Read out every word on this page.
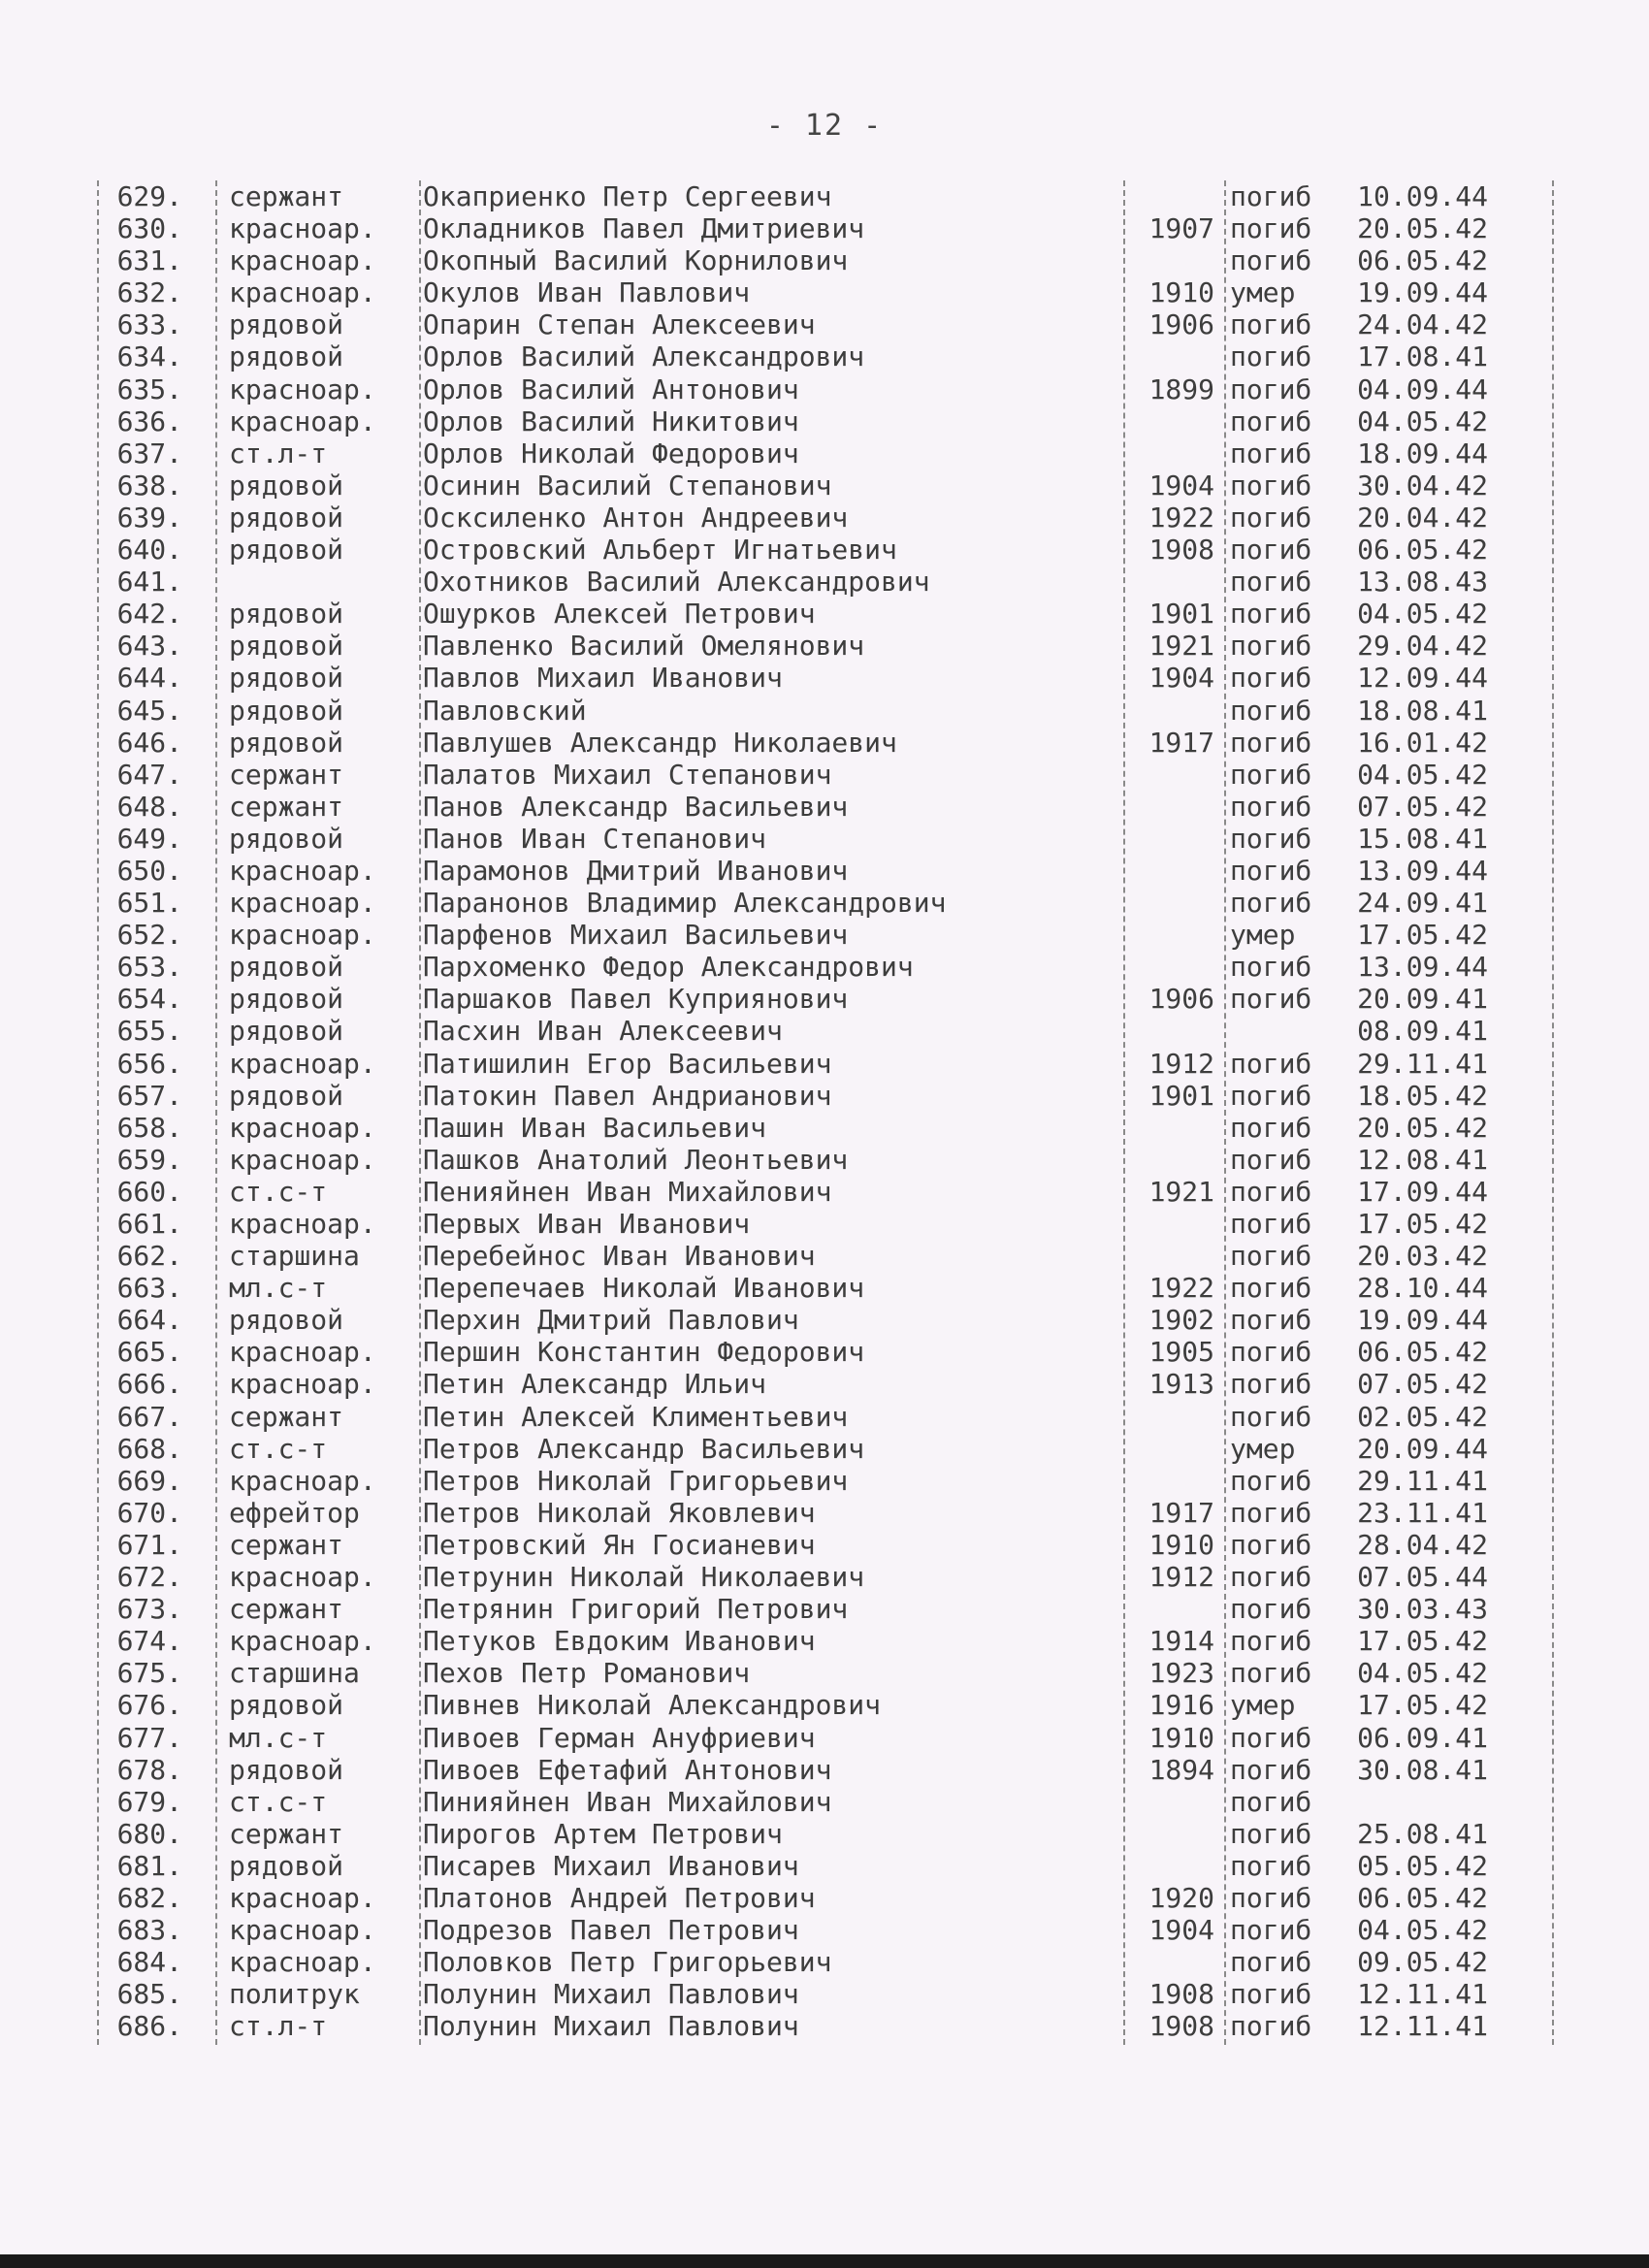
- 12 -
629. сержант	Окаприенко Петр Сергеевич	погиб 10.09.44
630. красноар. Окладников Павел Дмитриевич	1907 погиб 20.05.42
631. красноар. Окопный Василий Корнилович	погиб 06.05.42
632. красноар. Окулов Иван Павлович	1910 умер 19.09.44
633. рядовой	Опарин Степан Алексеевич	1906 погиб 24.04.42
634. рядовой	Орлов Василий Александрович	погиб 17.08.41
635. красноар. Орлов Василий Антонович	1899 погиб 04.09.44
636. красноар. Орлов Василий Никитович	погиб 04.05.42
637. ст.л-т	Орлов Николай Федорович	погиб 18.09.44
638. рядовой	Осинин Василий Степанович	1904 погиб 30.04.42
639. рядовой	Осксиленко Антон Андреевич	1922 погиб 20.04.42
640. рядовой	Островский Альберт Игнатьевич	1908 погиб 06.05.42
641.	Охотников Василий Александрович	погиб 13.08.43
642. рядовой	Ошурков Алексей Петрович	1901 погиб 04.05.42
643. рядовой	Павленко Василий Омелянович	1921 погиб 29.04.42
644. рядовой	Павлов Михаил Иванович	1904 погиб 12.09.44
645. рядовой	Павловский	погиб 18.08.41
646. рядовой	Павлушев Александр Николаевич	1917 погиб 16.01.42
647. сержант	Палатов Михаил Степанович	погиб 04.05.42
648. сержант	Панов Александр Васильевич	погиб 07.05.42
649. рядовой	Панов Иван Степанович	погиб 15.08.41
650. красноар. Парамонов Дмитрий Иванович	погиб 13.09.44
651. красноар. Паранонов Владимир Александрович	погиб 24.09.41
652. красноар. Парфенов Михаил Васильевич	умер 17.05.42
653. рядовой	Пархоменко Федор Александрович	погиб 13.09.44
654. рядовой	Паршаков Павел Куприянович	1906 погиб 20.09.41
655. рядовой	Пасхин Иван Алексеевич	08.09.41
656. красноар. Патишилин Егор Васильевич	1912 погиб 29.11.41
657. рядовой	Патокин Павел Андрианович	1901 погиб 18.05.42
658. красноар. Пашин Иван Васильевич	погиб 20.05.42
659. красноар. Пашков Анатолий Леонтьевич	погиб 12.08.41
660. ст.с-т	Пенияйнен Иван Михайлович	1921 погиб 17.09.44
661. красноар. Первых Иван Иванович	погиб 17.05.42
662. старшина Перебейнос Иван Иванович	погиб 20.03.42
663. мл.с-т	Перепечаев Николай Иванович	1922 погиб 28.10.44
664. рядовой	Перхин Дмитрий Павлович	1902 погиб 19.09.44
665. красноар. Першин Константин Федорович	1905 погиб 06.05.42
666. красноар. Петин Александр Ильич	1913 погиб 07.05.42
667. сержант	Петин Алексей Климентьевич	погиб 02.05.42
668. ст.с-т	Петров Александр Васильевич	умер 20.09.44
669. красноар. Петров Николай Григорьевич	погиб 29.11.41
670. ефрейтор Петров Николай Яковлевич	1917 погиб 23.11.41
671. сержант	Петровский Ян Госианевич	1910 погиб 28.04.42
672. красноар. Петрунин Николай Николаевич	1912 погиб 07.05.44
673. сержант	Петрянин Григорий Петрович	погиб 30.03.43
674. красноар. Петуков Евдоким Иванович	1914 погиб 17.05.42
675. старшина Пехов Петр Романович	1923 погиб 04.05.42
676. рядовой	Пивнев Николай Александрович	1916 умер 17.05.42
677. мл.с-т	Пивоев Герман Ануфриевич	1910 погиб 06.09.41
678. рядовой	Пивоев Ефетафий Антонович	1894 погиб 30.08.41
679. ст.с-т	Пинияйнен Иван Михайлович	погиб
680. сержант	Пирогов Артем Петрович	погиб 25.08.41
681. рядовой	Писарев Михаил Иванович	погиб 05.05.42
682. красноар. Платонов Андрей Петрович	1920 погиб 06.05.42
683. красноар. Подрезов Павел Петрович	1904 погиб 04.05.42
684. красноар. Половков Петр Григорьевич	погиб 09.05.42
685. политрук Полунин Михаил Павлович	1908 погиб 12.11.41
686. ст.л-т	Полунин Михаил Павлович	1908 погиб 12.11.41
